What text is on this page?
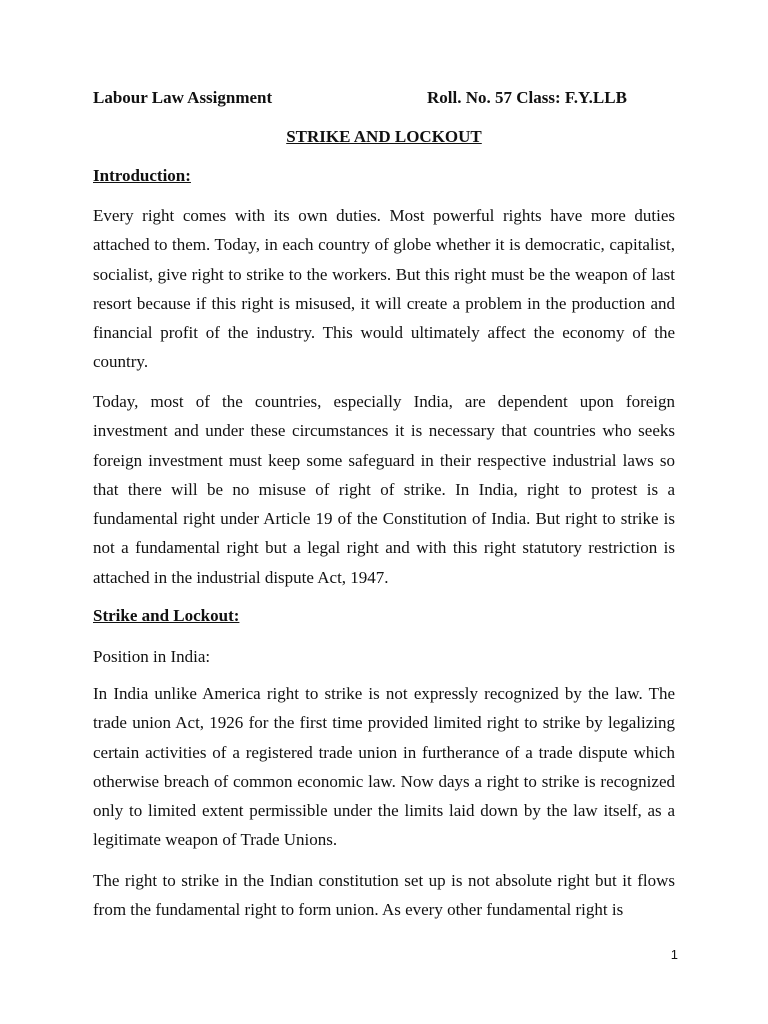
Labour Law Assignment	Roll. No. 57 Class: F.Y.LLB
STRIKE AND LOCKOUT
Introduction:

Every right comes with its own duties. Most powerful rights have more duties attached to them. Today, in each country of globe whether it is democratic, capitalist, socialist, give right to strike to the workers. But this right must be the weapon of last resort because if this right is misused, it will create a problem in the production and financial profit of the industry. This would ultimately affect the economy of the country.

Today, most of the countries, especially India, are dependent upon foreign investment and under these circumstances it is necessary that countries who seeks foreign investment must keep some safeguard in their respective industrial laws so that there will be no misuse of right of strike. In India, right to protest is a fundamental right under Article 19 of the Constitution of India. But right to strike is not a fundamental right but a legal right and with this right statutory restriction is attached in the industrial dispute Act, 1947.

Strike and Lockout:
Position in India:

In India unlike America right to strike is not expressly recognized by the law. The trade union Act, 1926 for the first time provided limited right to strike by legalizing certain activities of a registered trade union in furtherance of a trade dispute which otherwise breach of common economic law. Now days a right to strike is recognized only to limited extent permissible under the limits laid down by the law itself, as a legitimate weapon of Trade Unions.

The right to strike in the Indian constitution set up is not absolute right but it flows from the fundamental right to form union. As every other fundamental right is

1
